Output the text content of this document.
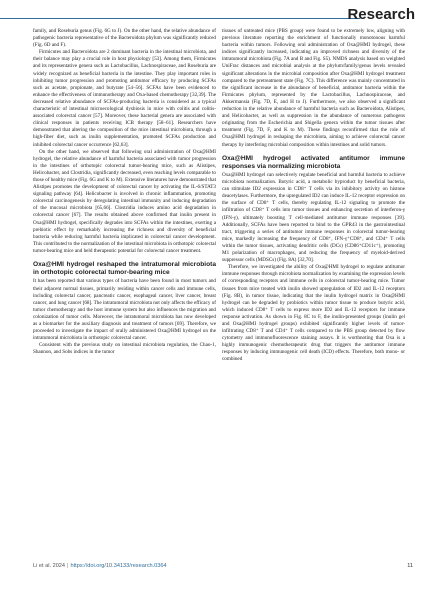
Research

family, and Roseburia genus (Fig. 6G to J). On the other hand, the relative abundance of pathogenic bacteria representative of the Bacteroidota phylum was significantly reduced (Fig. 6D and F).

Firmicutes and Bacteroidota are 2 dominant bacteria in the intestinal microbiota, and their balance may play a crucial role in host physiology [53]. Among them, Firmicutes and its representative genera such as Lactobacillus, Lachnospiraceae, and Roseburia are widely recognized as beneficial bacteria in the intestine. They play important roles in inhibiting tumor progression and promoting antitumor efficacy by producing SCFAs such as acetate, propionate, and butyrate [54–56]. SCFAs have been evidenced to enhance the effectiveness of immunotherapy and Oxa-based chemotherapy [32,39]. The decreased relative abundance of SCFAs-producing bacteria is considered as a typical characteristic of intestinal microecological dysbiosis in mice with colitis and colitis-associated colorectal cancer [57]. Moreover, these bacterial genera are associated with clinical responses in patients receiving ICB therapy [58–61]. Researchers have demonstrated that altering the composition of the mice intestinal microbiota, through a high-fiber diet, such as inulin supplementation, promoted SCFAs production and inhibited colorectal cancer occurrence [62,63].

On the other hand, we observed that following oral administration of Oxa@HMI hydrogel, the relative abundance of harmful bacteria associated with tumor progression in the intestines of orthotopic colorectal tumor-bearing mice, such as Alistipes, Helicobacter, and Clostridia, significantly decreased, even reaching levels comparable to those of healthy mice (Fig. 6G and K to M). Extensive literatures have demonstrated that Alistipes promotes the development of colorectal cancer by activating the IL-6/STAT3 signaling pathway [64]. Helicobacter is involved in chronic inflammation, promoting colorectal carcinogenesis by deregulating intestinal immunity and inducing degradation of the mucosal microbiota [65,66]. Clostridia induces amino acid degradation in colorectal cancer [67]. The results obtained above confirmed that inulin present in Oxa@HMI hydrogel, specifically degrades into SCFAs within the intestines, exerting a prebiotic effect by remarkably increasing the richness and diversity of beneficial bacteria while reducing harmful bacteria implicated in colorectal cancer development. This contributed to the normalization of the intestinal microbiota in orthotopic colorectal tumor-bearing mice and held therapeutic potential for colorectal cancer treatment.

Oxa@HMI hydrogel reshaped the intratumoral microbiota in orthotopic colorectal tumor-bearing mice

It has been reported that various types of bacteria have been found in most tumors and their adjacent normal tissues, primarily residing within cancer cells and immune cells, including colorectal cancer, pancreatic cancer, esophageal cancer, liver cancer, breast cancer, and lung cancer [68]. The intratumoral microbiota not only affects the efficacy of tumor chemotherapy and the host immune system but also influences the migration and colonization of tumor cells. Moreover, the intratumoral microbiota has now developed as a biomarker for the auxiliary diagnosis and treatment of tumors [69]. Therefore, we proceeded to investigate the impact of orally administered Oxa@HMI hydrogel on the intratumoral microbiota in orthotopic colorectal cancer.

Consistent with the previous study on intestinal microbiota regulation, the Chao-1, Shannon, and Sobs indices in the tumor

tissues of untreated mice (PBS group) were found to be extremely low, aligning with previous literature reporting the enrichment of functionally monotonous harmful bacteria within tumors. Following oral administration of Oxa@HMI hydrogel, these indices significantly increased, indicating an improved richness and diversity of the intratumoral microbiota (Fig. 7A and B and Fig. S5). NMDS analysis based on weighted UniFrac distances and microbial analysis at the phylum/family/genus levels revealed significant alterations in the microbial composition after Oxa@HMI hydrogel treatment compared to the pretreatment state (Fig. 7C). This difference was mainly concentrated in the significant increase in the abundance of beneficial, antitumor bacteria within the Firmicutes phylum, represented by the Lactobacillus, Lachnospiraceae, and Akkermansia (Fig. 7D, E, and H to J). Furthermore, we also observed a significant reduction in the relative abundance of harmful bacteria such as Bacteroidota, Alistipes, and Helicobacter, as well as suppression in the abundance of numerous pathogens originating from the Escherichia and Shigella genera within the tumor tissues after treatment (Fig. 7D, F, and K to M). These findings reconfirmed that the role of Oxa@HMI hydrogel in reshaping the microbiota, aiming to achieve colorectal cancer therapy by interfering microbial composition within intestines and solid tumors.

Oxa@HMI hydrogel activated antitumor immune responses via normalizing microbiota

Oxa@HMI hydrogel can selectively regulate beneficial and harmful bacteria to achieve microbiota normalization. Butyric acid, a metabolic byproduct by beneficial bacteria, can stimulate ID2 expression in CD8⁺ T cells via its inhibitory activity on histone deacetylases. Furthermore, the upregulated ID2 can induce IL-12 receptor expression on the surface of CD8⁺ T cells, thereby regulating IL-12 signaling to promote the infiltration of CD8⁺ T cells into tumor tissues and enhancing secretion of interferon-γ (IFN-γ), ultimately boosting T cell-mediated antitumor immune responses [39]. Additionally, SCFAs have been reported to bind to the GPR43 in the gastrointestinal tract, triggering a series of antitumor immune responses in colorectal tumor-bearing mice, markedly increasing the frequency of CD8⁺, IFN-γ⁺CD8⁺, and CD4⁺ T cells within the tumor tissues, activating dendritic cells (DCs) (CD86⁺CD11c⁺), promoting M1 polarization of macrophages, and reducing the frequency of myeloid-derived suppressor cells (MDSCs) (Fig. 8A) [32,70].

Therefore, we investigated the ability of Oxa@HMI hydrogel to regulate antitumor immune responses through microbiota normalization by examining the expression levels of corresponding receptors and immune cells in colorectal tumor-bearing mice. Tumor tissues from mice treated with inulin showed upregulation of ID2 and IL-12 receptors (Fig. 8B), in tumor tissue, indicating that the inulin hydrogel matrix in Oxa@HMI hydrogel can be degraded by probiotics within tumor tissue to produce butyric acid, which induced CD8⁺ T cells to express more ID2 and IL-12 receptors for immune response activation. As shown in Fig. 8C to F, the inulin-presented groups (inulin gel and Oxa@HMI hydrogel groups) exhibited significantly higher levels of tumor-infiltrating CD8⁺ T and CD4⁺ T cells compared to the PBS group detected by flow cytometry and immunofluorescence staining assays. It is worthnoting that Oxa is a highly immunogenic chemotherapeutic drug that triggers the antitumor immune responses by inducing immunogenic cell death (ICD) effects. Therefore, both mono- or combined

Li et al. 2024 | https://doi.org/10.34133/research.0364	11
